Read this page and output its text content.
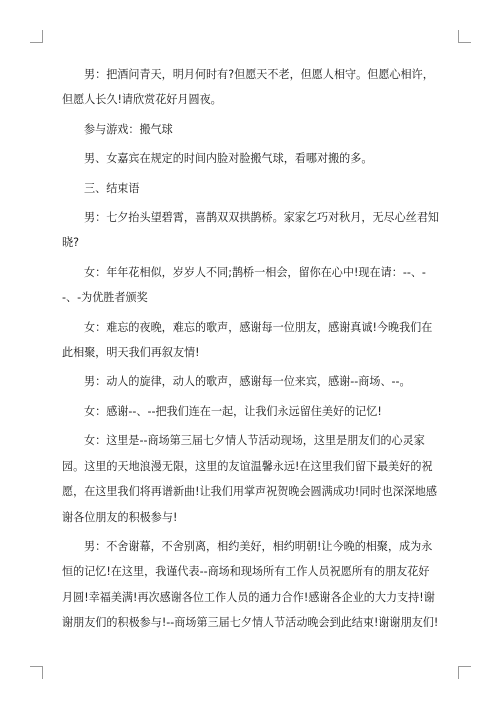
男：把酒问青天，明月何时有?但愿天不老，但愿人相守。但愿心相许，但愿人长久!请欣赏花好月圆夜。

参与游戏：搬气球

男、女嘉宾在规定的时间内脸对脸搬气球，看哪对搬的多。

三、结束语

男：七夕抬头望碧霄，喜鹊双双拱鹊桥。家家乞巧对秋月，无尽心丝君知晓?

女：年年花相似，岁岁人不同;鹊桥一相会，留你在心中!现在请：--、--、-为优胜者颁奖

女：难忘的夜晚，难忘的歌声，感谢每一位朋友，感谢真诚!今晚我们在此相聚，明天我们再叙友情!

男：动人的旋律，动人的歌声，感谢每一位来宾，感谢--商场、--。

女：感谢--、--把我们连在一起，让我们永远留住美好的记忆!

女：这里是--商场第三届七夕情人节活动现场，这里是朋友们的心灵家园。这里的天地浪漫无限，这里的友谊温馨永远!在这里我们留下最美好的祝愿，在这里我们将再谱新曲!让我们用掌声祝贺晚会圆满成功!同时也深深地感谢各位朋友的积极参与!

男：不舍谢幕，不舍别离，相约美好，相约明朝!让今晚的相聚，成为永恒的记忆!在这里，我谨代表--商场和现场所有工作人员祝愿所有的朋友花好月圆!幸福美满!再次感谢各位工作人员的通力合作!感谢各企业的大力支持!谢谢朋友们的积极参与!--商场第三届七夕情人节活动晚会到此结束!谢谢朋友们!
